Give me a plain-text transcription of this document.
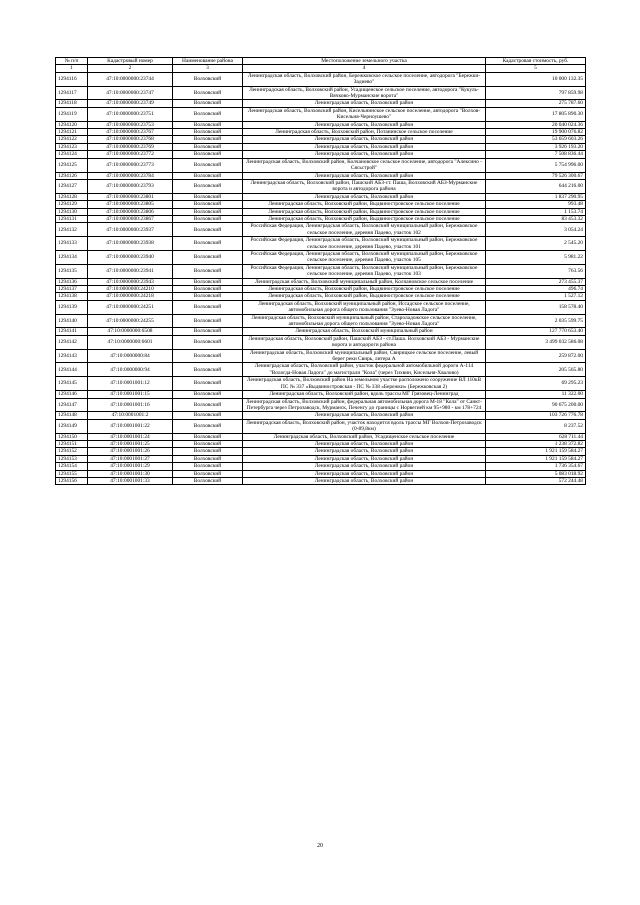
№ п/п	Кадастровый номер	Наименование района	Местоположение земельного участка	Кадастровая стоимость, руб.
1	2	3	4	5
1294116	47:10:0000000:23744	Волховский	Ленинградская область, Волховский район, Бережковское сельское поселение, автодорога "Бережки-Заднево"	10 000 132.35
1294117	47:10:0000000:23747	Волховский	Ленинградская область, Волховский район, Усадищенское сельское поселение, автодорога "Кукуль-Вячково-Мурманские ворота"	797 859.98
1294118	47:10:0000000:23749	Волховский	Ленинградская область, Волховский район	275 787.60
1294119	47:10:0000000:23751	Волховский	Ленинградская область, Волховский район, Кисельнинское сельское поселение, автодорога "Волхов-Кисельня-Черноушево"	17 805 890.30
1294120	47:10:0000000:23753	Волховский	Ленинградская область, Волховский район	20 040 024.36
1294121	47:10:0000000:23767	Волховский	Ленинградская область, Волховский район, Потанинское сельское поселение	19 900 076.82
1294122	47:10:0000000:23768	Волховский	Ленинградская область, Волховский район	53 659 603.26
1294123	47:10:0000000:23769	Волховский	Ленинградская область, Волховский район	3 926 193.20
1294124	47:10:0000000:23772	Волховский	Ленинградская область, Волховский район	7 508 836.44
1294125	47:10:0000000:23773	Волховский	Ленинградская область, Волховский район, Колчановское сельское поселение, автодорога "Алексино - Сясьстрой"	5 754 996.00
1294126	47:10:0000000:23784	Волховский	Ленинградская область, Волховский район	79 526 300.67
1294127	47:10:0000000:23793	Волховский	Ленинградская область, Волховский район, Пашский АБЗ-ст. Паша, Волховский АБЗ-Мурманские ворота и автодорога района	644 216.00
1294128	47:10:0000000:23801	Волховский	Ленинградская область, Волховский район	1 837 290.95
1294129	47:10:0000000:23805	Волховский	Ленинградская область, Волховский район, Выдвиностровское сельское поселение	993.48
1294130	47:10:0000000:23806	Волховский	Ленинградская область, Волховский район, Выдвиностровское сельское поселение	1 153.74
1294131	47:10:0000000:23867	Волховский	Ленинградская область, Волховский район, Выдвиностровское сельское поселение	83 453.32
1294132	47:10:0000000:23937	Волховский	Российская Федерация, Ленинградская область, Волховский муниципальный район, Бережковское сельское поселение, деревня Падево, участок 102	3 054.24
1294133	47:10:0000000:23938	Волховский	Российская Федерация, Ленинградская область, Волховский муниципальный район, Бережковское сельское поселение, деревня Падево, участок 101	2 545.20
1294134	47:10:0000000:23940	Волховский	Российская Федерация, Ленинградская область, Волховский муниципальный район, Бережковское сельское поселение, деревня Падево, участок 105	5 981.22
1294135	47:10:0000000:23941	Волховский	Российская Федерация, Ленинградская область, Волховский муниципальный район, Бережковское сельское поселение, деревня Падево, участок 103	763.56
1294136	47:10:0000000:23943	Волховский	Ленинградская область, Волховский муниципальный район, Колчановское сельское поселение	273 455.37
1294137	47:10:0000000:24210	Волховский	Ленинградская область, Волховский район, Выдвиностровское сельское поселение	496.74
1294138	47:10:0000000:24218	Волховский	Ленинградская область, Волховский район, Выдвиностровское сельское поселение	1 527.12
1294139	47:10:0000000:24251	Волховский	Ленинградская область, Волховский муниципальный район, Иссадское сельское поселение, автомобильная дорога общего пользования "Зуево-Новая Ладога"	158 578.40
1294140	47:10:0000000:24255	Волховский	Ленинградская область, Волховский муниципальный район, Староладожское сельское поселение, автомобильная дорога общего пользования "Зуево-Новая Ладога"	2 035 599.75
1294141	47:10:0000000:6508	Волховский	Ленинградская область, Волховский муниципальный район	127 770 653.40
1294142	47:10:0000000:6601	Волховский	Ленинградская область, Волховский район, Пашский АБЗ - ст.Паша. Волховский АБЗ - Мурманские ворота и автодороги района	3 499 032 586.08
1294143	47:10:0000000:84	Волховский	Ленинградская область, Волховский муниципальный район, Свирицкое сельское поселение, левый берег реки Свирь, литера А	259 872.00
1294144	47:10:0000000:94	Волховский	Ленинградская область, Волховский район, участок федеральной автомобильной дороги А-114 "Вологда-Новая Ладога" до магистрали "Кола" (через Тихвин, Кисельня-Хвалово)	205 565.80
1294145	47:10:0001001:12	Волховский	Ленинградская область, Волховский район На земельном участке расположено сооружение ВЛ 110кВ ПС № 337 «Выдвиностровская - ПС № 338 «Бережки» (Бережковская 2)	69 295.23
1294146	47:10:0001001:15	Волховский	Ленинградская область, Волховский район, вдоль трассы МГ Грязовец-Ленинград	11 322.00
1294147	47:10:0001001:16	Волховский	Ленинградская область, Волховский район, федеральная автомобильная дорога М-18 "Кола" от Санкт-Петербурга через Петрозаводск, Мурманск, Печенгу до границы с Норвегией км 95+980 - км 178+724	90 675 200.00
1294148	47:10:0001001:2	Волховский	Ленинградская область, Волховский район	103 726 776.78
1294149	47:10:0001001:22	Волховский	Ленинградская область, Волховский район, участок находится вдоль трассы МГ Волхов-Петрозаводск (0-89,8км)	8 237.52
1294150	47:10:0001001:24	Волховский	Ленинградская область, Волховский район, Усадищенское сельское поселение	628 711.44
1294151	47:10:0001001:25	Волховский	Ленинградская область, Волховский район	1 238 372.82
1294152	47:10:0001001:26	Волховский	Ленинградская область, Волховский район	1 921 159 584.27
1294153	47:10:0001001:27	Волховский	Ленинградская область, Волховский район	1 921 159 584.27
1294154	47:10:0001001:29	Волховский	Ленинградская область, Волховский район	1 736 354.67
1294155	47:10:0001001:30	Волховский	Ленинградская область, Волховский район	5 083 018.92
1294156	47:10:0001001:33	Волховский	Ленинградская область, Волховский район	572 244.48
20
